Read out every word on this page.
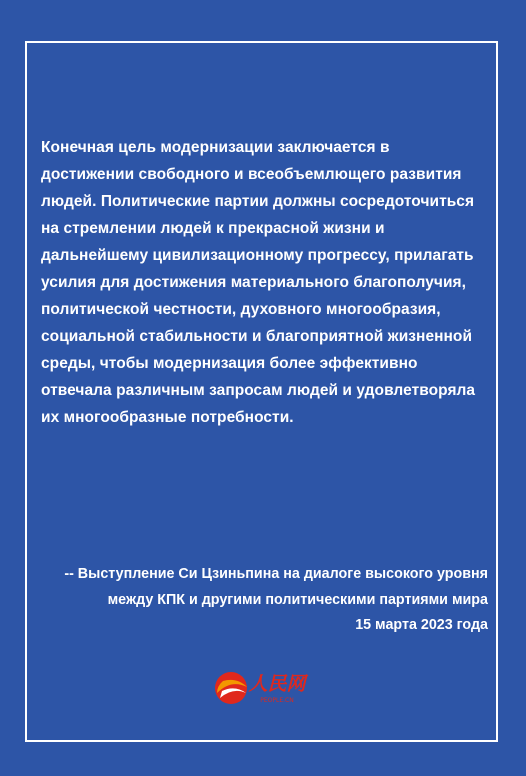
Конечная цель модернизации заключается в достижении свободного и всеобъемлющего развития людей. Политические партии должны сосредоточиться на стремлении людей к прекрасной жизни и дальнейшему цивилизационному прогрессу, прилагать усилия для достижения материального благополучия, политической честности, духовного многообразия, социальной стабильности и благоприятной жизненной среды, чтобы модернизация более эффективно отвечала различным запросам людей и удовлетворяла их многообразные потребности.

-- Выступление Си Цзиньпина на диалоге высокого уровня
между КПК и другими политическими партиями мира
15 марта 2023 года
人民网
PEOPLE.CN
